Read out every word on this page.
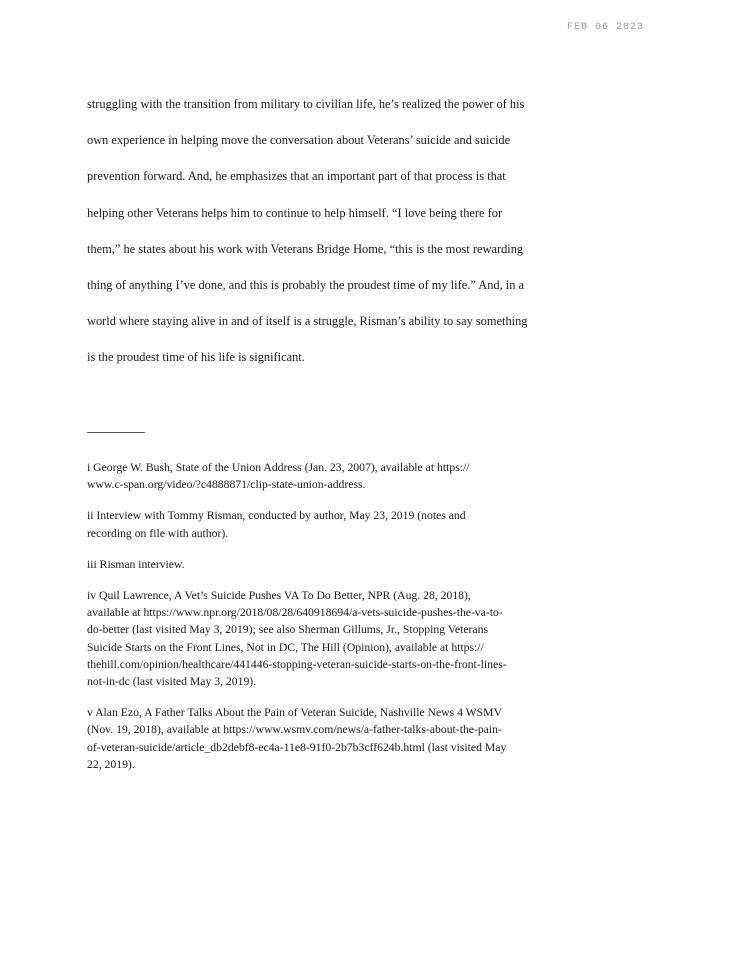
FEB 06 2023

struggling with the transition from military to civilian life, he’s realized the power of his

own experience in helping move the conversation about Veterans’ suicide and suicide

prevention forward. And, he emphasizes that an important part of that process is that

helping other Veterans helps him to continue to help himself. “I love being there for

them,” he states about his work with Veterans Bridge Home, “this is the most rewarding

thing of anything I’ve done, and this is probably the proudest time of my life.” And, in a

world where staying alive in and of itself is a struggle, Risman’s ability to say something

is the proudest time of his life is significant.

i George W. Bush, State of the Union Address (Jan. 23, 2007), available at https://
www.c-span.org/video/?c4888871/clip-state-union-address.
ii Interview with Tommy Risman, conducted by author, May 23, 2019 (notes and
recording on file with author).
iii Risman interview.
iv Quil Lawrence, A Vet’s Suicide Pushes VA To Do Better, NPR (Aug. 28, 2018),
available at https://www.npr.org/2018/08/28/640918694/a-vets-suicide-pushes-the-va-to-
do-better (last visited May 3, 2019); see also Sherman Gillums, Jr., Stopping Veterans
Suicide Starts on the Front Lines, Not in DC, The Hill (Opinion), available at https://
thehill.com/opinion/healthcare/441446-stopping-veteran-suicide-starts-on-the-front-lines-
not-in-dc (last visited May 3, 2019).
v Alan Ezo, A Father Talks About the Pain of Veteran Suicide, Nashville News 4 WSMV
(Nov. 19, 2018), available at https://www.wsmv.com/news/a-father-talks-about-the-pain-
of-veteran-suicide/article_db2debf8-ec4a-11e8-91f0-2b7b3cff624b.html (last visited May
22, 2019).
